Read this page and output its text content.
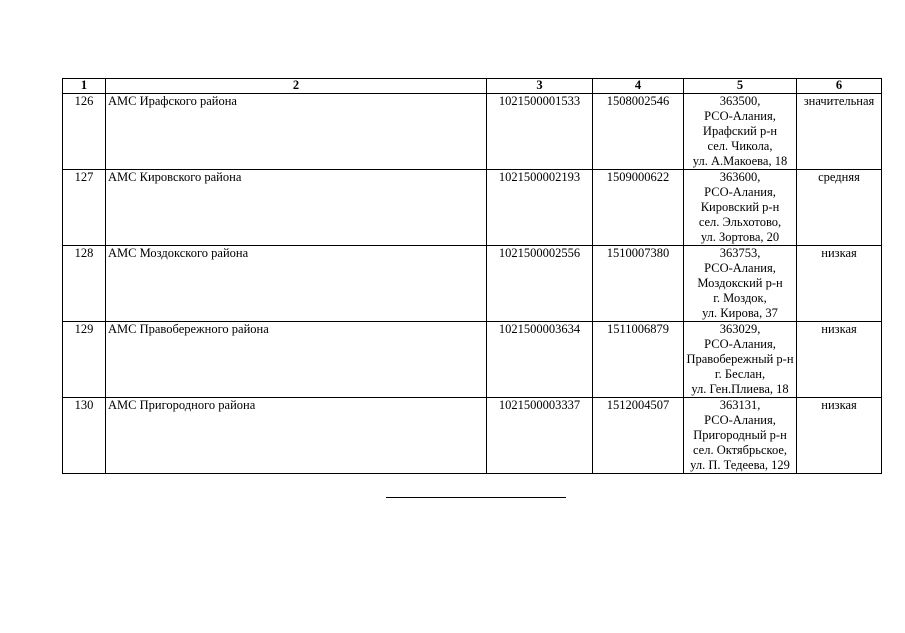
1	2	3	4	5	6
126	АМС Ирафского района	1021500001533	1508002546	363500,
РСО-Алания,
Ирафский р-н
сел. Чикола,
ул. А.Макоева, 18	значительная
127	АМС Кировского района	1021500002193	1509000622	363600,
РСО-Алания,
Кировский р-н
сел. Эльхотово,
ул. Зортова, 20	средняя
128	АМС Моздокского района	1021500002556	1510007380	363753,
РСО-Алания,
Моздокский р-н
г. Моздок,
ул. Кирова, 37	низкая
129	АМС Правобережного района	1021500003634	1511006879	363029,
РСО-Алания,
Правобережный р-н
г. Беслан,
ул. Ген.Плиева, 18	низкая
130	АМС Пригородного района	1021500003337	1512004507	363131,
РСО-Алания,
Пригородный р-н
сел. Октябрьское,
ул. П. Тедеева, 129	низкая
